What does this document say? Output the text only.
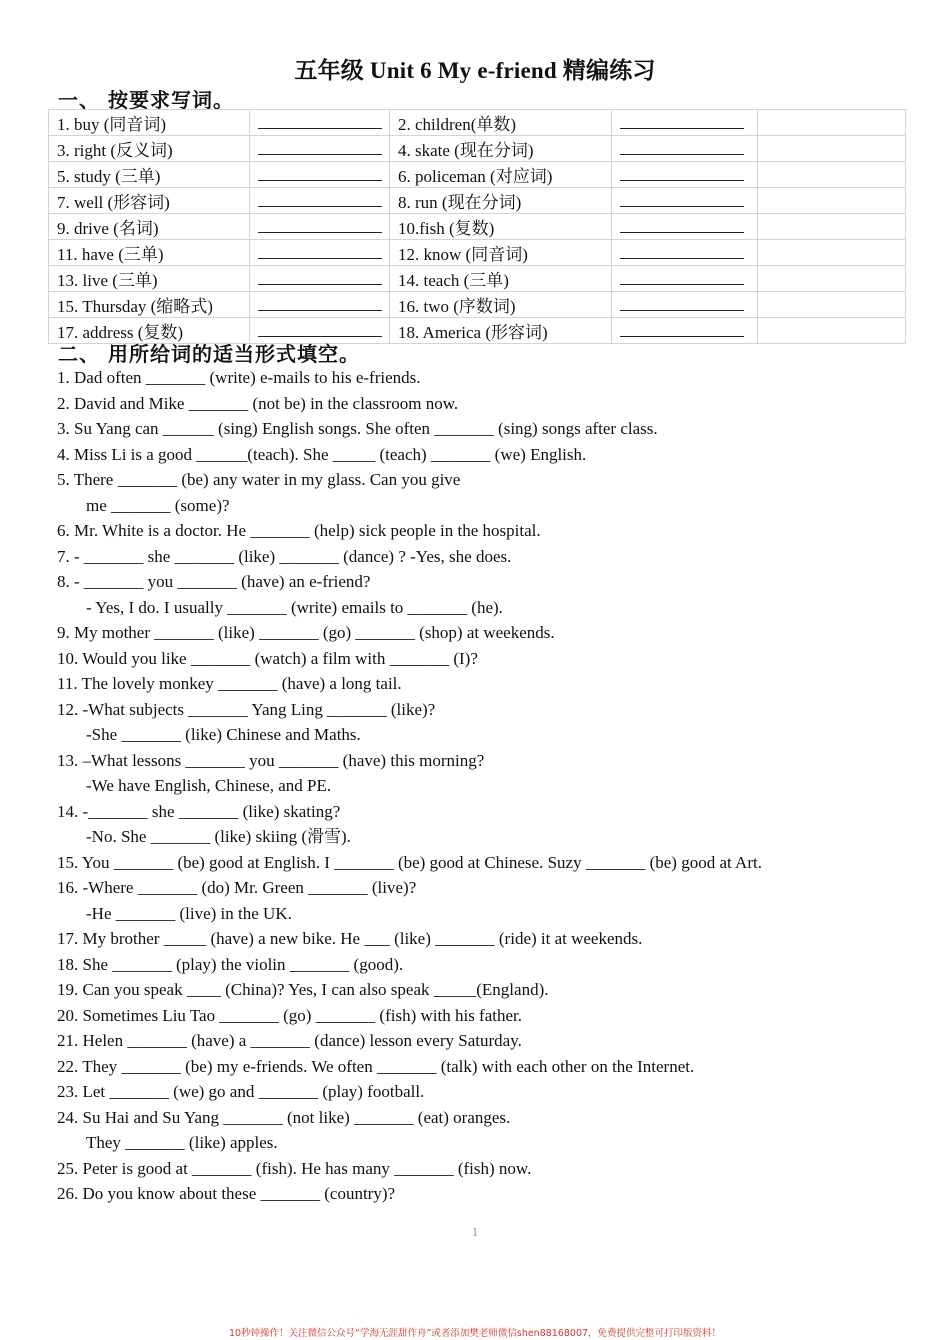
五年级 Unit 6 My e-friend 精编练习
一、 按要求写词。
1. buy (同音词)		2. children(单数)		
3. right (反义词)		4. skate (现在分词)		
5. study (三单)		6. policeman (对应词)		
7. well (形容词)		8. run (现在分词)		
9. drive (名词)		10.fish (复数)		
11. have (三单)		12. know (同音词)		
13. live (三单)		14. teach (三单)		
15. Thursday (缩略式)		16. two (序数词)		
17. address (复数)		18. America (形容词)		
二、 用所给词的适当形式填空。
1. Dad often _______ (write) e-mails to his e-friends.
2. David and Mike _______ (not be) in the classroom now.
3. Su Yang can ______ (sing) English songs. She often _______ (sing) songs after class.
4. Miss Li is a good ______(teach). She _____ (teach) _______ (we) English.
5. There _______ (be) any water in my glass. Can you give
me _______ (some)?
6. Mr. White is a doctor. He _______ (help) sick people in the hospital.
7. - _______ she _______ (like) _______ (dance) ? -Yes, she does.
8. - _______ you _______ (have) an e-friend?
- Yes, I do. I usually _______ (write) emails to _______ (he).
9. My mother _______ (like) _______ (go) _______ (shop) at weekends.
10. Would you like _______ (watch) a film with _______ (I)?
11. The lovely monkey _______ (have) a long tail.
12. -What subjects _______ Yang Ling _______ (like)?
-She _______ (like) Chinese and Maths.
13. –What lessons _______ you _______ (have) this morning?
-We have English, Chinese, and PE.
14. -_______ she _______ (like) skating?
-No. She _______ (like) skiing (滑雪).
15. You _______ (be) good at English. I _______ (be) good at Chinese. Suzy _______ (be) good at Art.
16. -Where _______ (do) Mr. Green _______ (live)?
-He _______ (live) in the UK.
17. My brother _____ (have) a new bike. He ___ (like) _______ (ride) it at weekends.
18. She _______ (play) the violin _______ (good).
19. Can you speak ____ (China)? Yes, I can also speak _____(England).
20. Sometimes Liu Tao _______ (go) _______ (fish) with his father.
21. Helen _______ (have) a _______ (dance) lesson every Saturday.
22. They _______ (be) my e-friends. We often _______ (talk) with each other on the Internet.
23. Let _______ (we) go and _______ (play) football.
24. Su Hai and Su Yang _______ (not like) _______ (eat) oranges.
They _______ (like) apples.
25. Peter is good at _______ (fish). He has many _______ (fish) now.
26. Do you know about these _______ (country)?
1
10秒钟操作！关注微信公众号“学海无涯甜作舟”或者添加樊老师微信shen88168007，免费提供完整可打印版资料！
